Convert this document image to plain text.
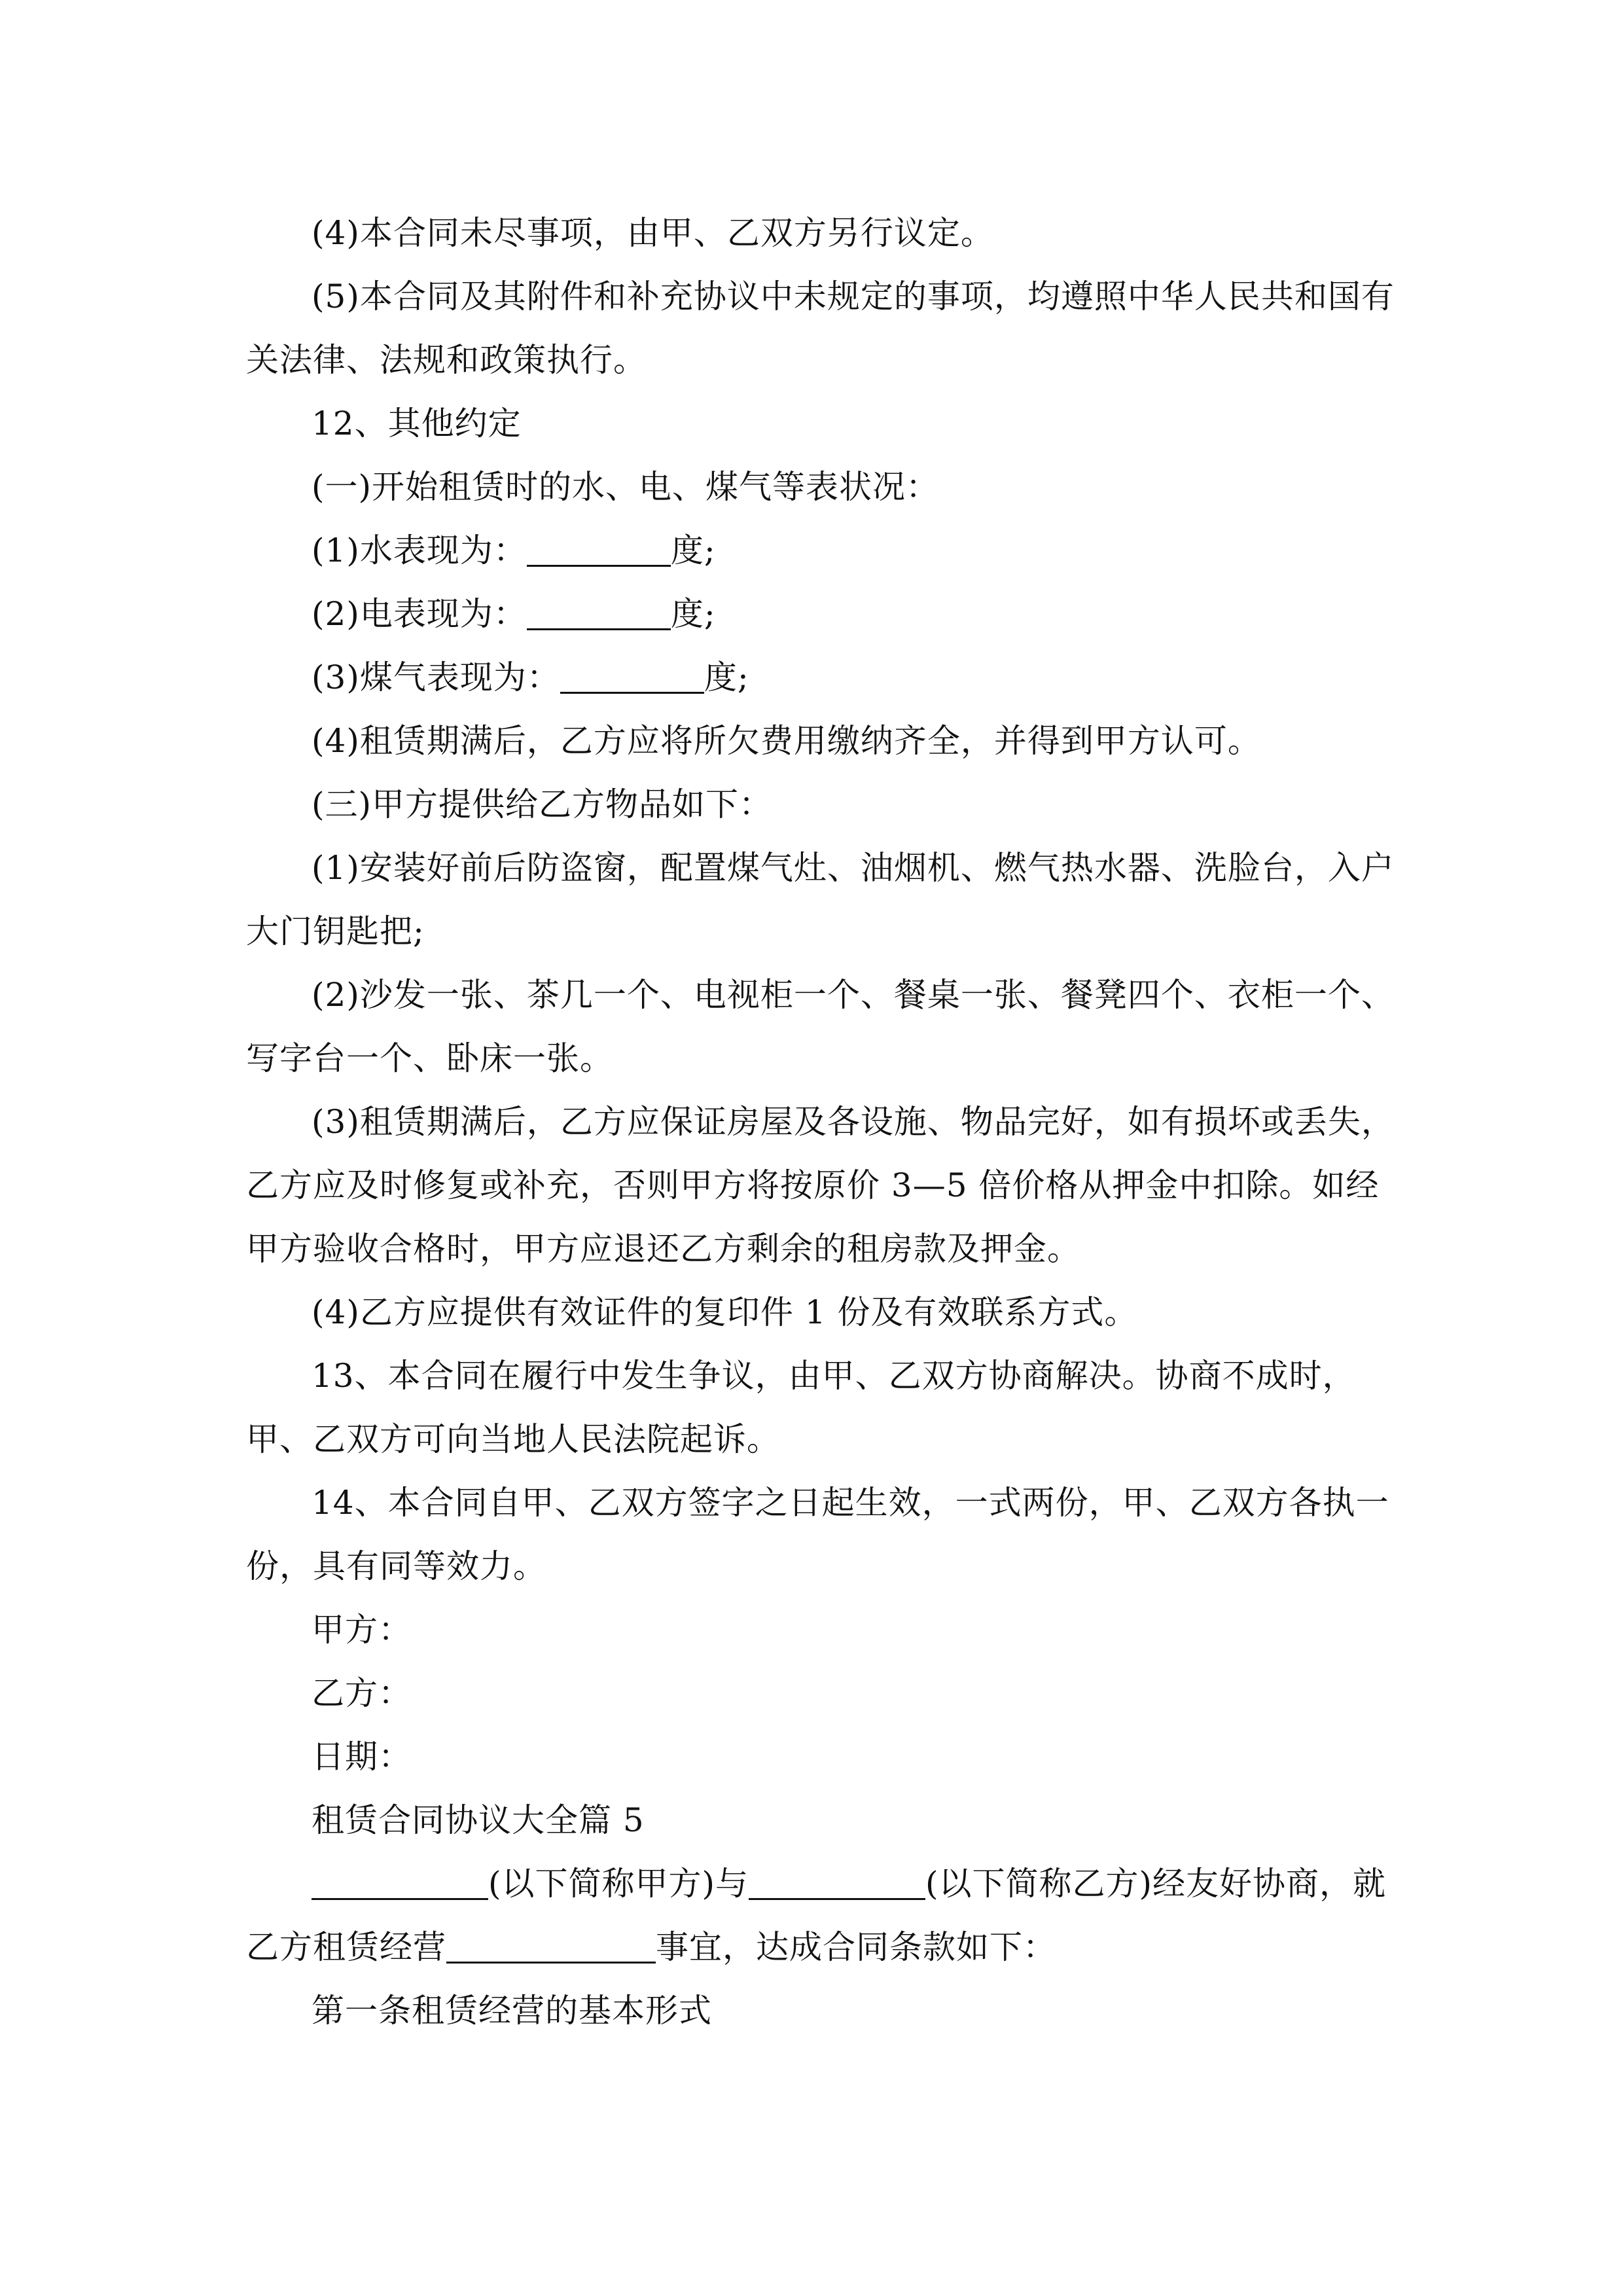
(4)本合同未尽事项，由甲、乙双方另行议定。

(5)本合同及其附件和补充协议中未规定的事项，均遵照中华人民共和国有关法律、法规和政策执行。

12、其他约定

(一)开始租赁时的水、电、煤气等表状况：

(1)水表现为：	度;

(2)电表现为：	度;

(3)煤气表现为：	度;

(4)租赁期满后，乙方应将所欠费用缴纳齐全，并得到甲方认可。

(三)甲方提供给乙方物品如下：

(1)安装好前后防盗窗，配置煤气灶、油烟机、燃气热水器、洗脸台，入户大门钥匙把;

(2)沙发一张、茶几一个、电视柜一个、餐桌一张、餐凳四个、衣柜一个、写字台一个、卧床一张。

(3)租赁期满后，乙方应保证房屋及各设施、物品完好，如有损坏或丢失，乙方应及时修复或补充，否则甲方将按原价 3—5 倍价格从押金中扣除。如经甲方验收合格时，甲方应退还乙方剩余的租房款及押金。

(4)乙方应提供有效证件的复印件 1 份及有效联系方式。

13、本合同在履行中发生争议，由甲、乙双方协商解决。协商不成时，甲、乙双方可向当地人民法院起诉。

14、本合同自甲、乙双方签字之日起生效，一式两份，甲、乙双方各执一份，具有同等效力。

甲方：

乙方：

日期：

租赁合同协议大全篇 5

(以下简称甲方)与	(以下简称乙方)经友好协商，就乙方租赁经营	事宜，达成合同条款如下：

第一条租赁经营的基本形式
